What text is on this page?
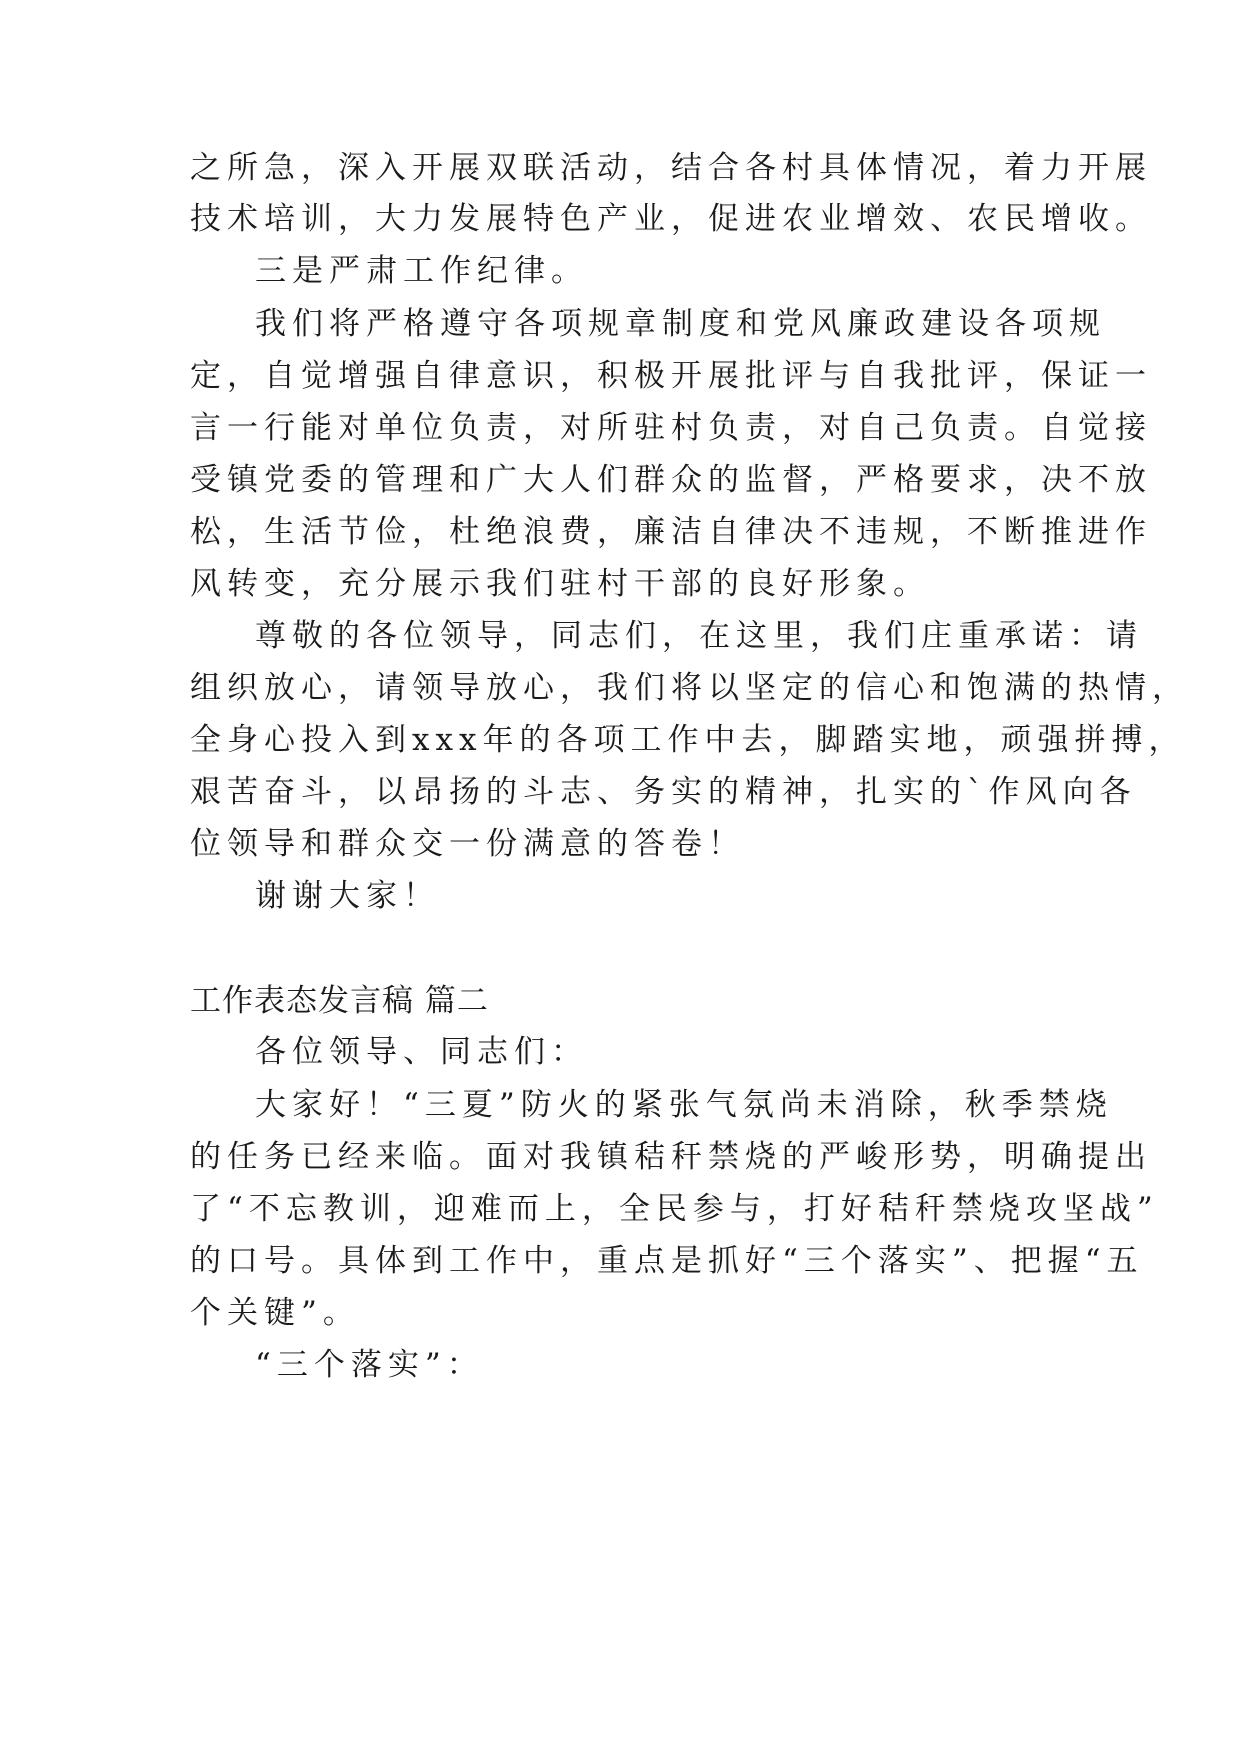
之所急，深入开展双联活动，结合各村具体情况，着力开展
技术培训，大力发展特色产业，促进农业增效、农民增收。
三是严肃工作纪律。
我们将严格遵守各项规章制度和党风廉政建设各项规
定，自觉增强自律意识，积极开展批评与自我批评，保证一
言一行能对单位负责，对所驻村负责，对自己负责。自觉接
受镇党委的管理和广大人们群众的监督，严格要求，决不放
松，生活节俭，杜绝浪费，廉洁自律决不违规，不断推进作
风转变，充分展示我们驻村干部的良好形象。
尊敬的各位领导，同志们，在这里，我们庄重承诺：请
组织放心，请领导放心，我们将以坚定的信心和饱满的热情，
全身心投入到xxx年的各项工作中去，脚踏实地，顽强拼搏，
艰苦奋斗，以昂扬的斗志、务实的精神，扎实的`作风向各
位领导和群众交一份满意的答卷！
谢谢大家！
工作表态发言稿 篇二
各位领导、同志们：
大家好！“三夏”防火的紧张气氛尚未消除，秋季禁烧
的任务已经来临。面对我镇秸秆禁烧的严峻形势，明确提出
了“不忘教训，迎难而上，全民参与，打好秸秆禁烧攻坚战”
的口号。具体到工作中，重点是抓好“三个落实”、把握“五
个关键”。
“三个落实”：
